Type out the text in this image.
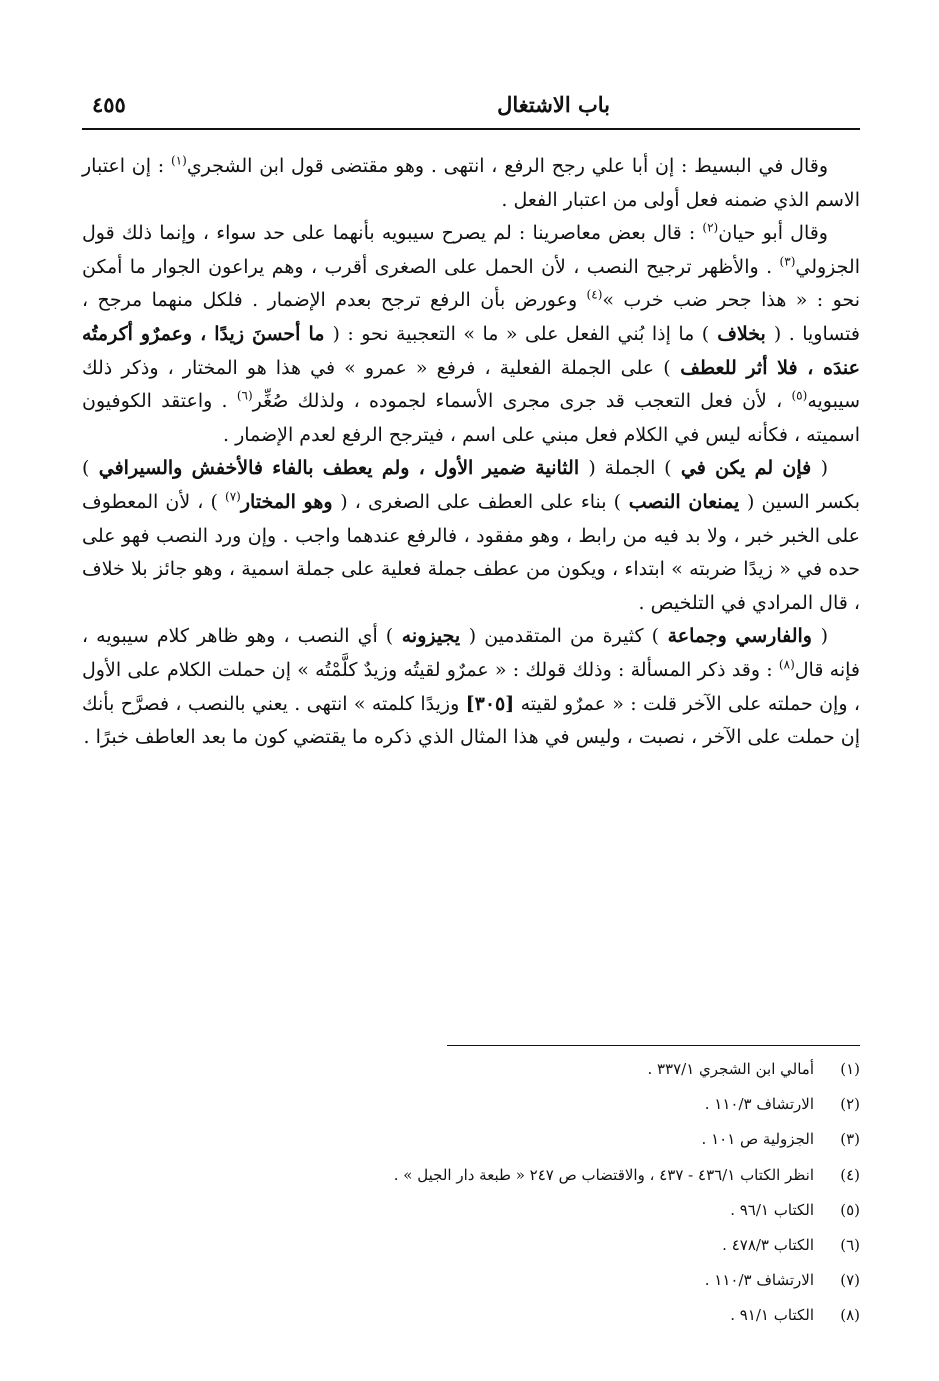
باب الاشتغال
٤٥٥

وقال في البسيط : إن أبا علي رجح الرفع ، انتهى . وهو مقتضى قول ابن الشجري$^{(١)}$ : إن اعتبار الاسم الذي ضمنه فعل أولى من اعتبار الفعل .

وقال أبو حيان$^{(٢)}$ : قال بعض معاصرينا : لم يصرح سيبويه بأنهما على حد سواء ، وإنما ذلك قول الجزولي$^{(٣)}$ . والأظهر ترجيح النصب ، لأن الحمل على الصغرى أقرب ، وهم يراعون الجوار ما أمكن نحو : « هذا جحر ضب خرب »$^{(٤)}$ وعورض بأن الرفع ترجح بعدم الإضمار . فلكل منهما مرجح ، فتساويا . ( بخلاف ) ما إذا بُني الفعل على « ما » التعجبية نحو : ( ما أحسنَ زيدًا ، وعمرٌو أكرمتُه عندَه ، فلا أثر للعطف ) على الجملة الفعلية ، فرفع « عمرو » في هذا هو المختار ، وذكر ذلك سيبويه$^{(٥)}$ ، لأن فعل التعجب قد جرى مجرى الأسماء لجموده ، ولذلك صُغِّر$^{(٦)}$ . واعتقد الكوفيون اسميته ، فكأنه ليس في الكلام فعل مبني على اسم ، فيترجح الرفع لعدم الإضمار .

( فإن لم يكن في ) الجملة ( الثانية ضمير الأول ، ولم يعطف بالفاء فالأخفش والسيرافي ) بكسر السين ( يمنعان النصب ) بناء على العطف على الصغرى ، ( وهو المختار$^{(٧)}$ ) ، لأن المعطوف على الخبر خبر ، ولا بد فيه من رابط ، وهو مفقود ، فالرفع عندهما واجب . وإن ورد النصب فهو على حده في « زيدًا ضربته » ابتداء ، ويكون من عطف جملة فعلية على جملة اسمية ، وهو جائز بلا خلاف ، قال المرادي في التلخيص .

( والفارسي وجماعة ) كثيرة من المتقدمين ( يجيزونه ) أي النصب ، وهو ظاهر كلام سيبويه ، فإنه قال$^{(٨)}$ : وقد ذكر المسألة : وذلك قولك : « عمرٌو لقيتُه وزيدٌ كلَّمْتُه » إن حملت الكلام على الأول ، وإن حملته على الآخر قلت : « عمرٌو لقيته [٣٠٥] وزيدًا كلمته » انتهى . يعني بالنصب ، فصرَّح بأنك إن حملت على الآخر ، نصبت ، وليس في هذا المثال الذي ذكره ما يقتضي كون ما بعد العاطف خبرًا .

(١)أمالي ابن الشجري ٣٣٧/١ .
(٢)الارتشاف ١١٠/٣ .
(٣)الجزولية ص ١٠١ .
(٤)انظر الكتاب ٤٣٦/١ - ٤٣٧ ، والاقتضاب ص ٢٤٧ « طبعة دار الجيل » .
(٥)الكتاب ٩٦/١ .
(٦)الكتاب ٤٧٨/٣ .
(٧)الارتشاف ١١٠/٣ .
(٨)الكتاب ٩١/١ .
